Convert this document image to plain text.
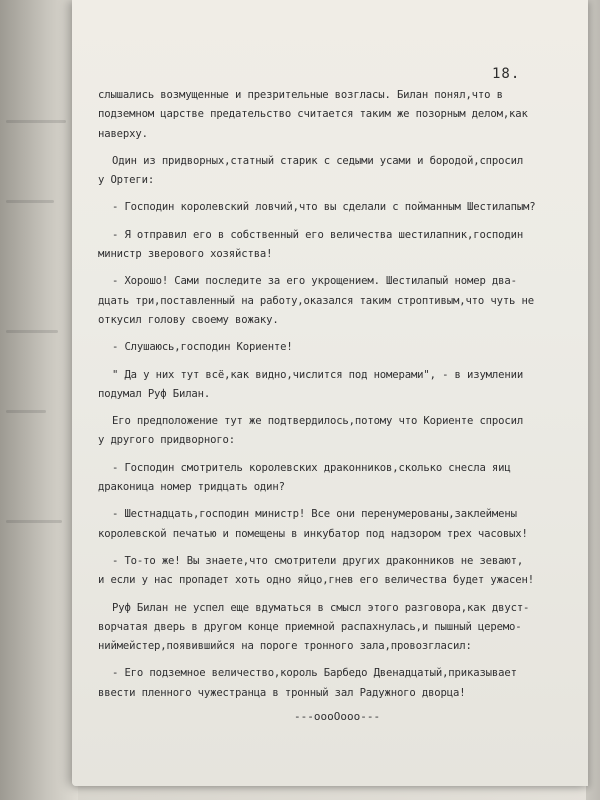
18.
слышались возмущенные и презрительные возгласы. Билан понял,что в
подземном царстве предательство считается таким же позорным делом,как
наверху.
Один из придворных,статный старик с седыми усами и бородой,спросил
у Ортеги:
- Господин королевский ловчий,что вы сделали с пойманным Шестилапым?
- Я отправил его в собственный его величества шестилапник,господин
министр зверового хозяйства!
- Хорошо! Сами последите за его укрощением. Шестилапый номер два-
дцать три,поставленный на работу,оказался таким строптивым,что чуть не
откусил голову своему вожаку.
- Слушаюсь,господин Кориенте!
" Да у них тут всё,как видно,числится под номерами", - в изумлении
подумал Руф Билан.
Его предположение тут же подтвердилось,потому что Кориенте спросил
у другого придворного:
- Господин смотритель королевских драконников,сколько снесла яиц
драконица номер тридцать один?
- Шестнадцать,господин министр! Все они перенумерованы,заклеймены
королевской печатью и помещены в инкубатор под надзором трех часовых!
- То-то же! Вы знаете,что смотрители других драконников не зевают,
и если у нас пропадет хоть одно яйцо,гнев его величества будет ужасен!
Руф Билан не успел еще вдуматься в смысл этого разговора,как двуст-
ворчатая дверь в другом конце приемной распахнулась,и пышный церемо-
ниймейстер,появившийся на пороге тронного зала,провозгласил:
- Его подземное величество,король Барбедо Двенадцатый,приказывает
ввести пленного чужестранца в тронный зал Радужного дворца!
---oooOooo---
